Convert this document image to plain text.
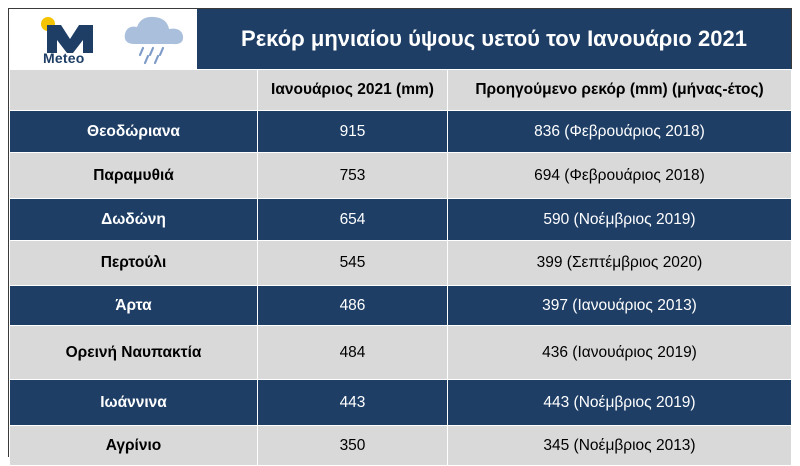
Meteo
Ρεκόρ μηνιαίου ύψους υετού τον Ιανουάριο 2021
	Ιανουάριος 2021 (mm)	Προηγούμενο ρεκόρ (mm) (μήνας-έτος)
Θεοδώριανα	915	836 (Φεβρουάριος 2018)
Παραμυθιά	753	694 (Φεβρουάριος 2018)
Δωδώνη	654	590 (Νοέμβριος 2019)
Περτούλι	545	399 (Σεπτέμβριος 2020)
Άρτα	486	397 (Ιανουάριος 2013)
Ορεινή Ναυπακτία	484	436 (Ιανουάριος 2019)
Ιωάννινα	443	443 (Νοέμβριος 2019)
Αγρίνιο	350	345 (Νοέμβριος 2013)
